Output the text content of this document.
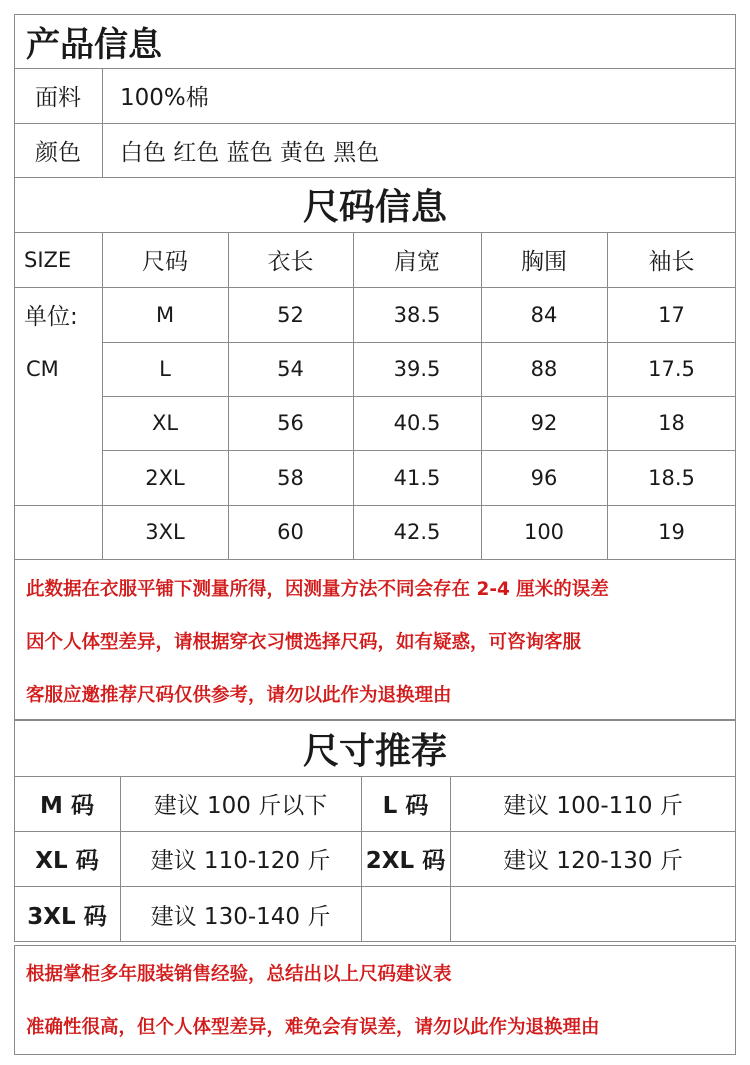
产品信息
面料	100%棉
颜色	白色 红色 蓝色 黄色 黑色
尺码信息
SIZE	尺码	衣长	肩宽	胸围	袖长
单位:
CM
M	52	38.5	84	17
L	54	39.5	88	17.5
XL	56	40.5	92	18
2XL	58	41.5	96	18.5
3XL	60	42.5	100	19
此数据在衣服平铺下测量所得，因测量方法不同会存在 2-4 厘米的误差
因个人体型差异，请根据穿衣习惯选择尺码，如有疑惑，可咨询客服
客服应邀推荐尺码仅供参考，请勿以此作为退换理由
尺寸推荐
M 码	建议 100 斤以下	L 码	建议 100-110 斤
XL 码	建议 110-120 斤	2XL 码	建议 120-130 斤
3XL 码	建议 130-140 斤
根据掌柜多年服装销售经验，总结出以上尺码建议表
准确性很高，但个人体型差异，难免会有误差，请勿以此作为退换理由
